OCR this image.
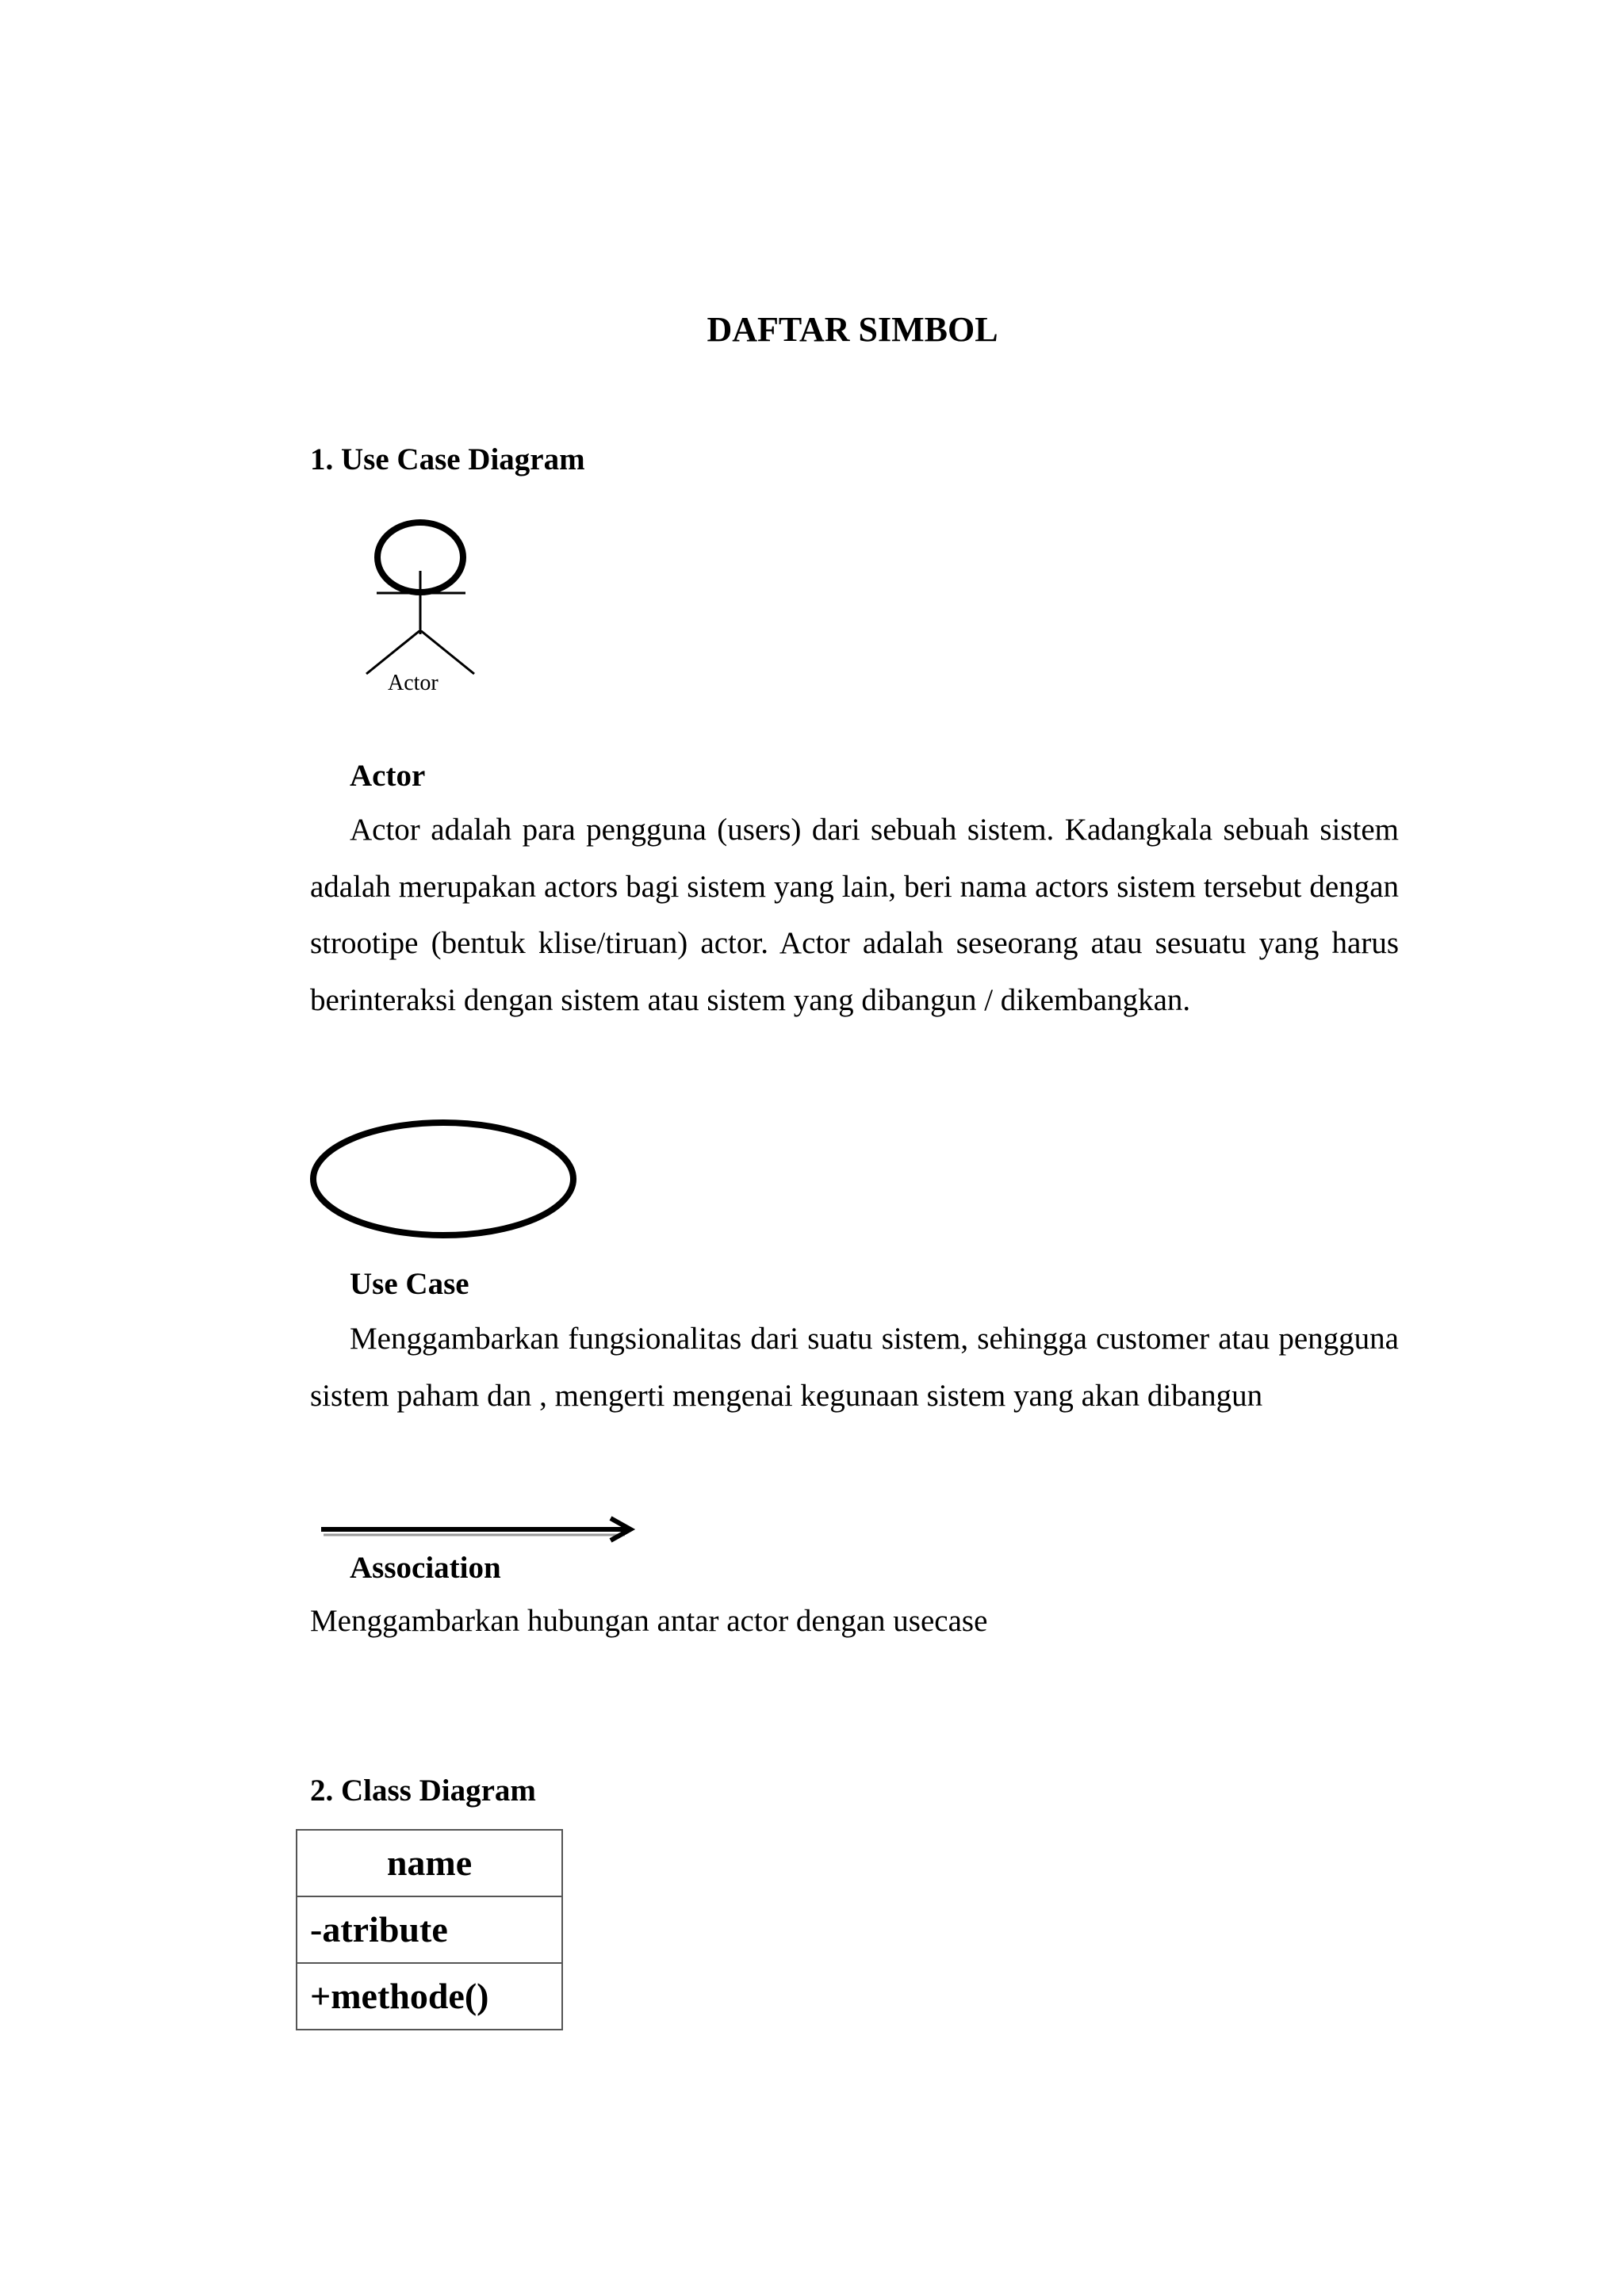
DAFTAR SIMBOL
1. Use Case Diagram
Actor
Actor
Actor adalah para pengguna (users) dari sebuah sistem. Kadangkala sebuah sistem adalah merupakan actors bagi sistem yang lain, beri nama actors sistem tersebut dengan strootipe (bentuk klise/tiruan) actor. Actor adalah seseorang atau sesuatu yang harus berinteraksi dengan sistem atau sistem yang dibangun / dikembangkan.
Use Case
Menggambarkan fungsionalitas dari suatu sistem, sehingga customer atau pengguna sistem paham dan , mengerti mengenai kegunaan sistem yang akan dibangun
Association
Menggambarkan hubungan antar actor dengan usecase
2. Class Diagram
name
-atribute
+methode()
